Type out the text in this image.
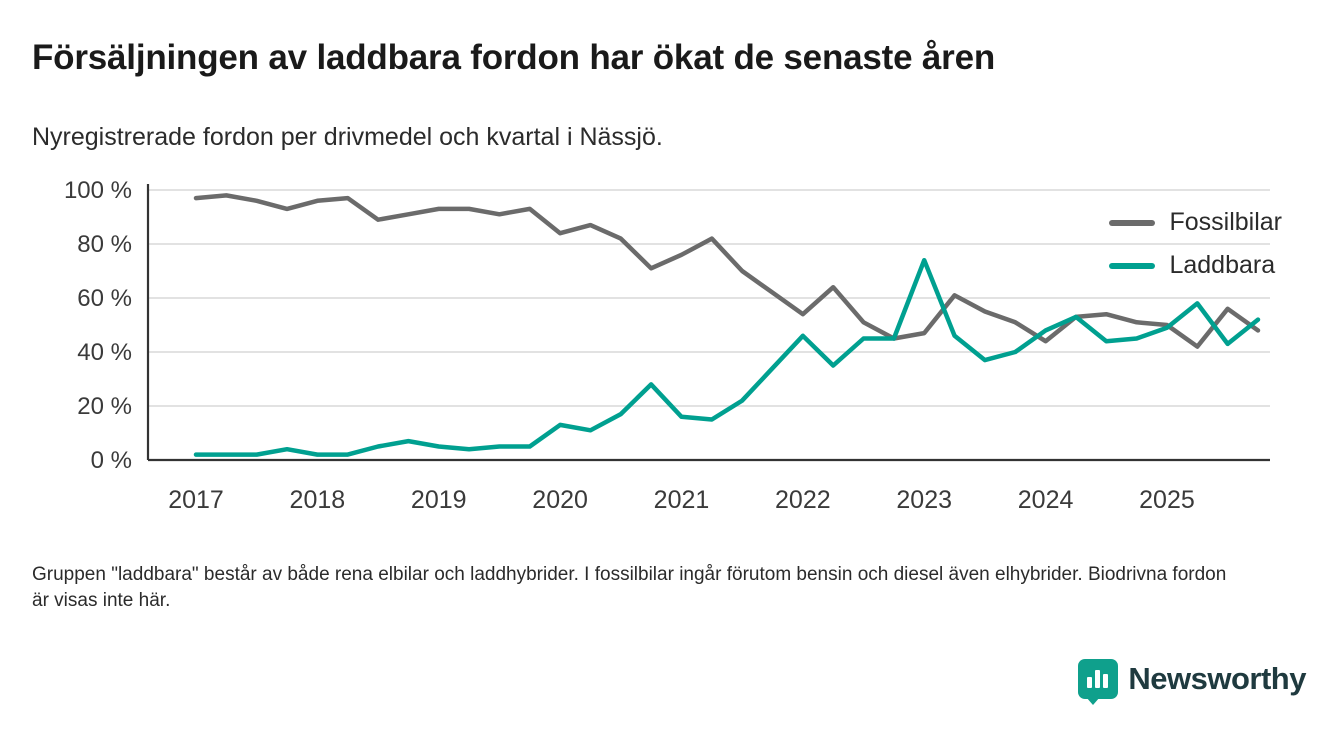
Försäljningen av laddbara fordon har ökat de senaste åren
Nyregistrerade fordon per drivmedel och kvartal i Nässjö.
0 %
20 %
40 %
60 %
80 %
100 %
2017	2018	2019	2020	2021	2022	2023	2024	2025
Fossilbilar
Laddbara
Gruppen "laddbara" består av både rena elbilar och laddhybrider. I fossilbilar ingår förutom bensin och diesel även elhybrider. Biodrivna fordon är visas inte här.
Newsworthy
